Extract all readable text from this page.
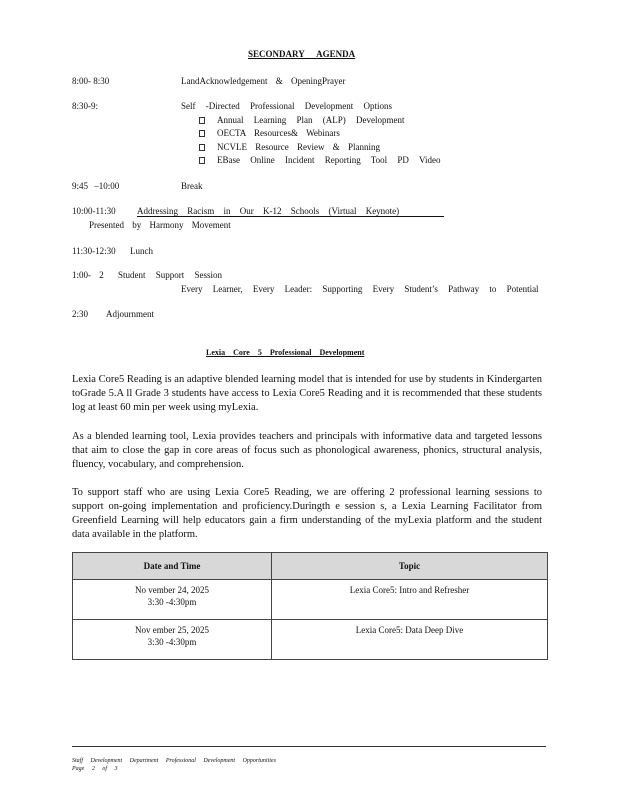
SECONDARY AGENDA
8:00- 8:30	LandAcknowledgement & OpeningPrayer
8:30-9:	Self -Directed Professional Development Options
Annual Learning Plan (ALP) Development
OECTA Resources& Webinars
NCVLE Resource Review & Planning
EBase Online Incident Reporting Tool PD Video
9:45 –10:00	Break
10:00-11:30 Addressing Racism in Our K-12 Schools (Virtual Keynote)
Presented by Harmony Movement
11:30-12:30 Lunch
1:00- 2 Student Support Session
Every Learner, Every Leader: Supporting Every Student’s Pathway to Potential
2:30 Adjournment
Lexia Core 5 Professional Development
Lexia Core5 Reading is an adaptive blended learning model that is intended for use by students in Kindergarten toGrade 5.A ll Grade 3 students have access to Lexia Core5 Reading and it is recommended that these students log at least 60 min per week using myLexia.
As a blended learning tool, Lexia provides teachers and principals with informative data and targeted lessons that aim to close the gap in core areas of focus such as phonological awareness, phonics, structural analysis, fluency, vocabulary, and comprehension.
To support staff who are using Lexia Core5 Reading, we are offering 2 professional learning sessions to support on-going implementation and proficiency.Duringth e session s, a Lexia Learning Facilitator from Greenfield Learning will help educators gain a firm understanding of the myLexia platform and the student data available in the platform.
Date and Time	Topic

No vember 24, 2025
3:30 -4:30pm	Lexia Core5: Intro and Refresher

Nov ember 25, 2025
3:30 -4:30pm	Lexia Core5: Data Deep Dive
Staff Development Department Professional Development Opportunities
Page 2 of 3
